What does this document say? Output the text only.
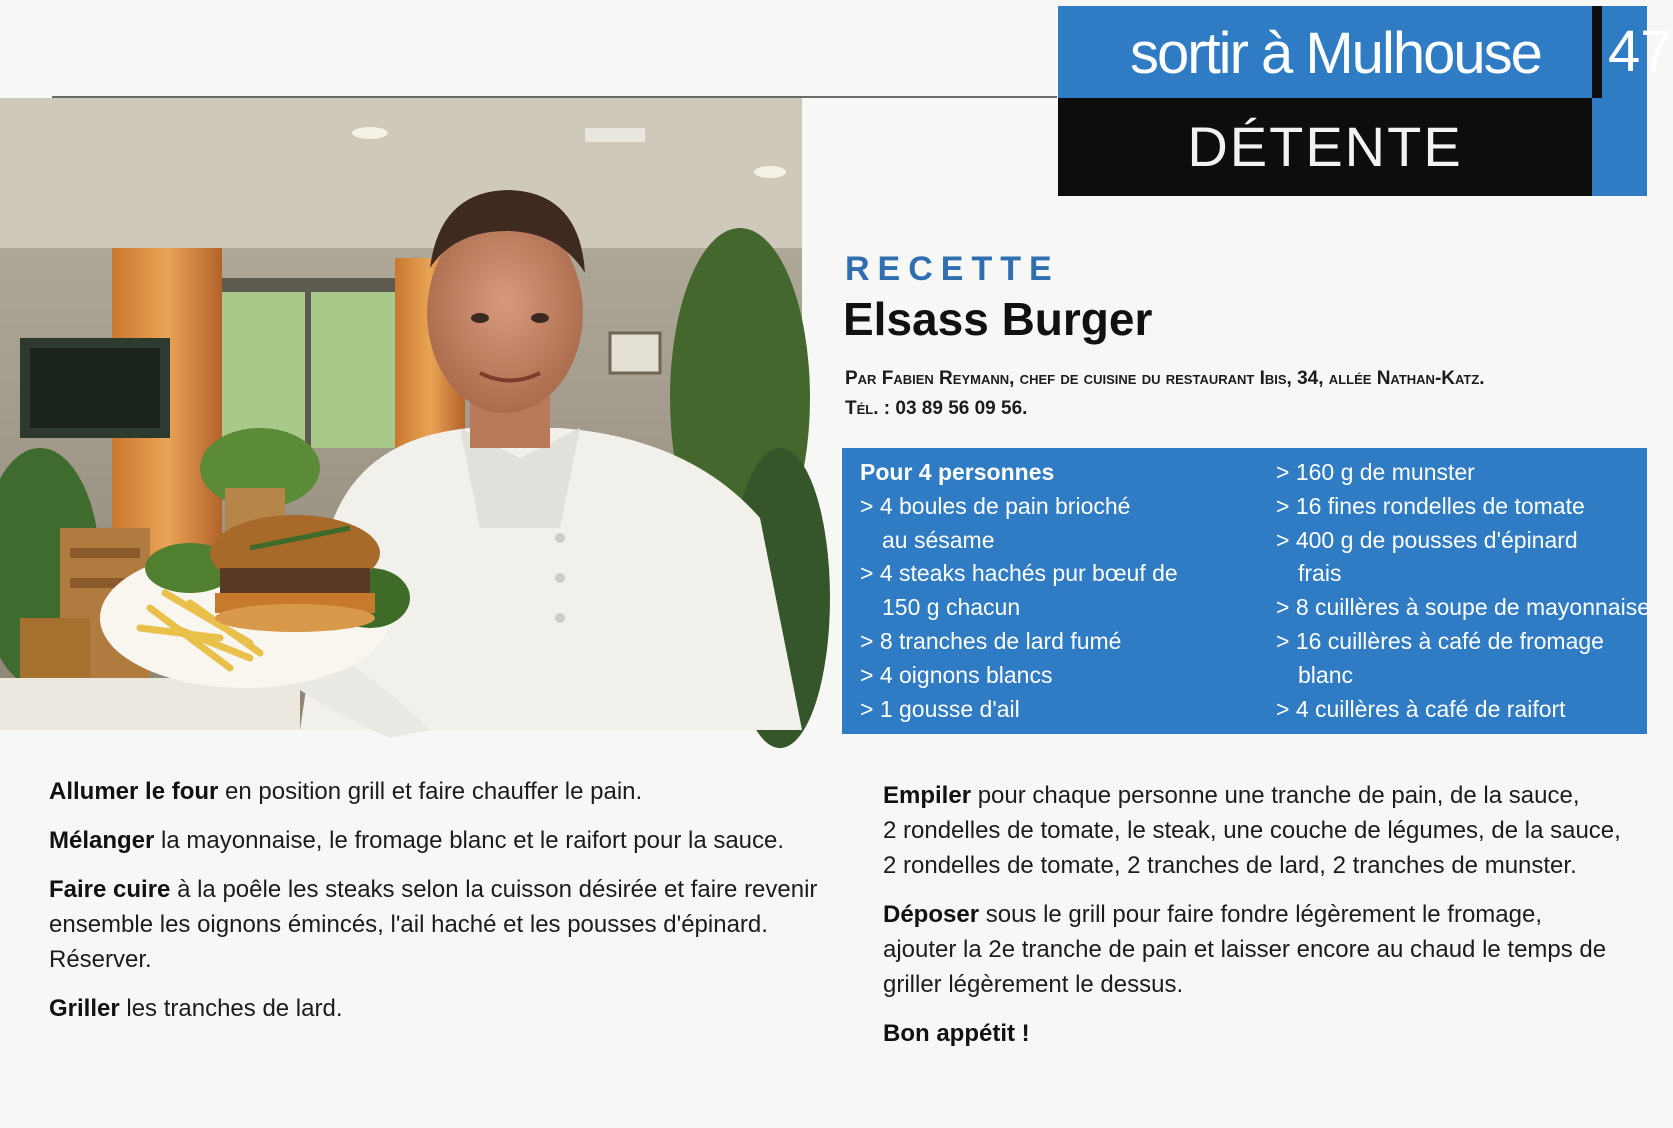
sortir à Mulhouse 47
DÉTENTE
RECETTE
Elsass Burger
Par Fabien Reymann, chef de cuisine du restaurant Ibis, 34, allée Nathan-Katz.
Tél. : 03 89 56 09 56.
Pour 4 personnes
> 4 boules de pain brioché
au sésame
> 4 steaks hachés pur bœuf de
150 g chacun
> 8 tranches de lard fumé
> 4 oignons blancs
> 1 gousse d'ail
> 160 g de munster
> 16 fines rondelles de tomate
> 400 g de pousses d'épinard
frais
> 8 cuillères à soupe de mayonnaise
> 16 cuillères à café de fromage
blanc
> 4 cuillères à café de raifort

Allumer le four en position grill et faire chauffer le pain.

Mélanger la mayonnaise, le fromage blanc et le raifort pour la sauce.

Faire cuire à la poêle les steaks selon la cuisson désirée et faire revenir ensemble les oignons émincés, l'ail haché et les pousses d'épinard. Réserver.

Griller les tranches de lard.

Empiler pour chaque personne une tranche de pain, de la sauce,
2 rondelles de tomate, le steak, une couche de légumes, de la sauce,
2 rondelles de tomate, 2 tranches de lard, 2 tranches de munster.

Déposer sous le grill pour faire fondre légèrement le fromage,
ajouter la 2e tranche de pain et laisser encore au chaud le temps de
griller légèrement le dessus.

Bon appétit !
